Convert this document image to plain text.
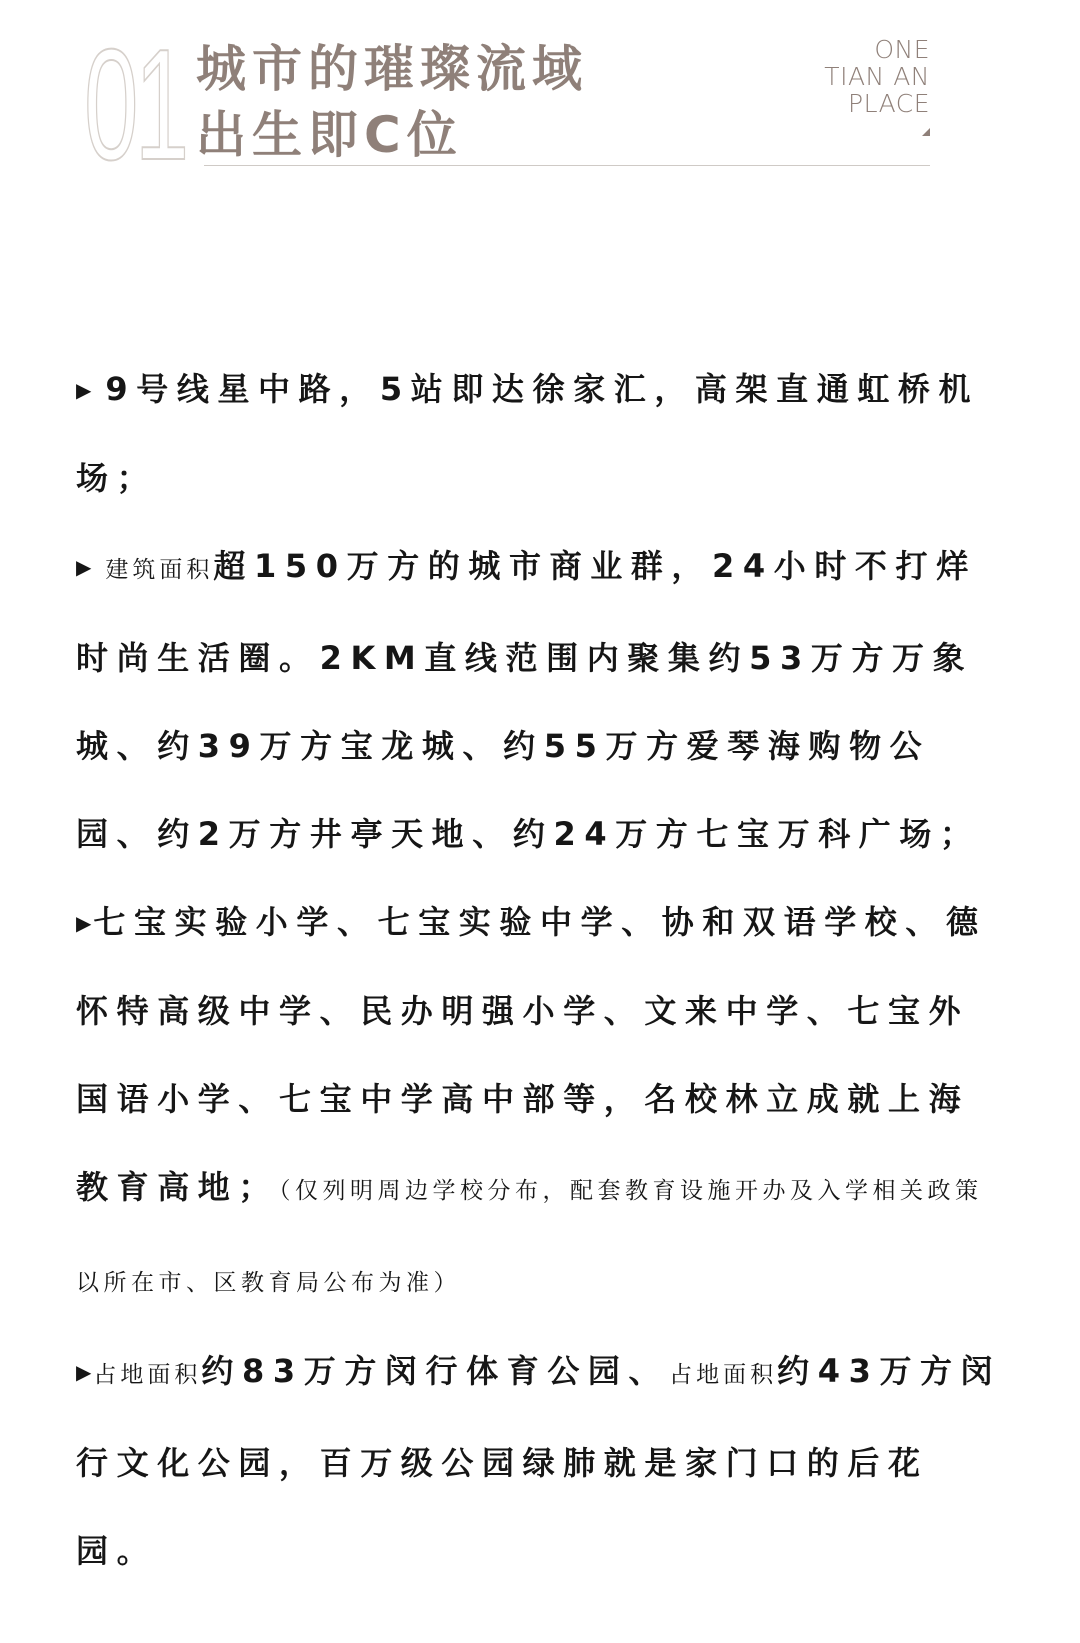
01 城市的璀璨流域
出生即C位
ONE
TIAN AN
PLACE
▶ 9号线星中路，5站即达徐家汇，高架直通虹桥机场；
▶ 建筑面积超150万方的城市商业群，24小时不打烊时尚生活圈。2KM直线范围内聚集约53万方万象城、约39万方宝龙城、约55万方爱琴海购物公园、约2万方井亭天地、约24万方七宝万科广场；
▶七宝实验小学、七宝实验中学、协和双语学校、德怀特高级中学、民办明强小学、文来中学、七宝外国语小学、七宝中学高中部等，名校林立成就上海教育高地；（仅列明周边学校分布，配套教育设施开办及入学相关政策以所在市、区教育局公布为准）
▶占地面积约83万方闵行体育公园、占地面积约43万方闵行文化公园，百万级公园绿肺就是家门口的后花园。
